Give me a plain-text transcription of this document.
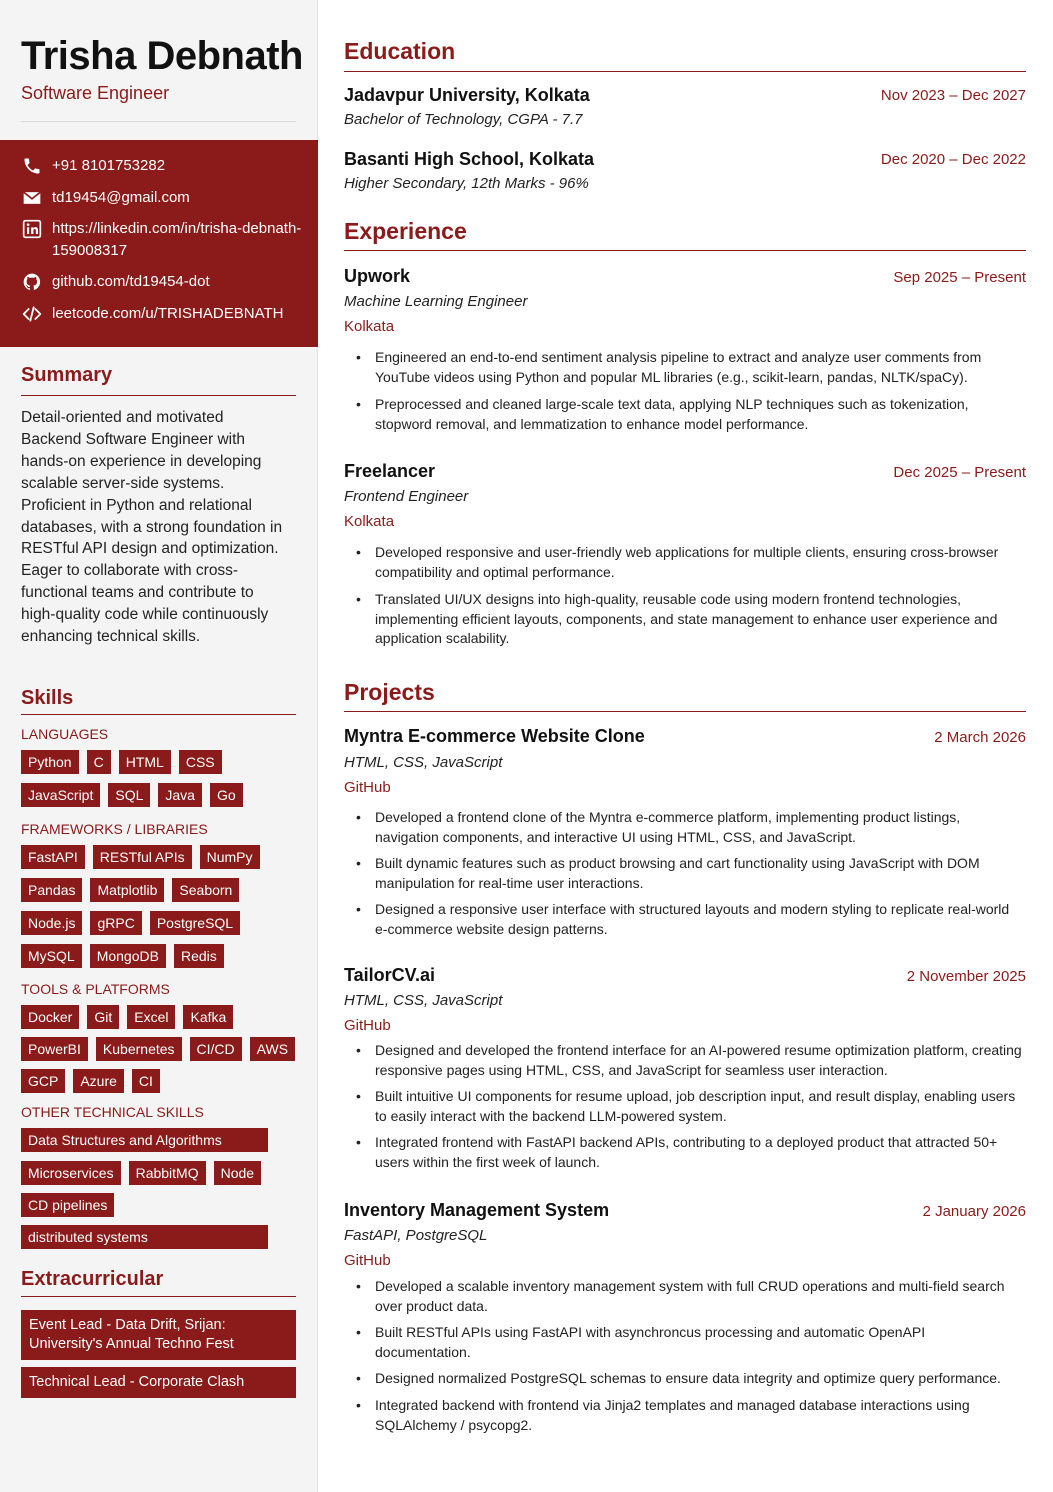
Trisha Debnath
Software Engineer
+91 8101753282
td19454@gmail.com
https://linkedin.com/in/trisha-debnath-159008317
github.com/td19454-dot
leetcode.com/u/TRISHADEBNATH
Summary
Detail-oriented and motivated Backend Software Engineer with hands-on experience in developing scalable server-side systems. Proficient in Python and relational databases, with a strong foundation in RESTful API design and optimization. Eager to collaborate with cross-functional teams and contribute to high-quality code while continuously enhancing technical skills.
Skills
LANGUAGES
Python	C	HTML	CSS
JavaScript	SQL	Java	Go
FRAMEWORKS / LIBRARIES
FastAPI	RESTful APIs	NumPy
Pandas	Matplotlib	Seaborn
Node.js	gRPC	PostgreSQL
MySQL	MongoDB	Redis
TOOLS & PLATFORMS
Docker	Git	Excel	Kafka
PowerBI	Kubernetes	CI/CD	AWS
GCP	Azure	CI
OTHER TECHNICAL SKILLS
Data Structures and Algorithms
Microservices	RabbitMQ	Node
CD pipelines
distributed systems
Extracurricular
Event Lead - Data Drift, Srijan: University's Annual Techno Fest
Technical Lead - Corporate Clash
Education
Jadavpur University, Kolkata	Nov 2023 – Dec 2027
Bachelor of Technology, CGPA - 7.7
Basanti High School, Kolkata	Dec 2020 – Dec 2022
Higher Secondary, 12th Marks - 96%
Experience
Upwork	Sep 2025 – Present
Machine Learning Engineer
Kolkata
• Engineered an end-to-end sentiment analysis pipeline to extract and analyze user comments from YouTube videos using Python and popular ML libraries (e.g., scikit-learn, pandas, NLTK/spaCy).
• Preprocessed and cleaned large-scale text data, applying NLP techniques such as tokenization, stopword removal, and lemmatization to enhance model performance.
Freelancer	Dec 2025 – Present
Frontend Engineer
Kolkata
• Developed responsive and user-friendly web applications for multiple clients, ensuring cross-browser compatibility and optimal performance.
• Translated UI/UX designs into high-quality, reusable code using modern frontend technologies, implementing efficient layouts, components, and state management to enhance user experience and application scalability.
Projects
Myntra E-commerce Website Clone	2 March 2026
HTML, CSS, JavaScript
GitHub
• Developed a frontend clone of the Myntra e-commerce platform, implementing product listings, navigation components, and interactive UI using HTML, CSS, and JavaScript.
• Built dynamic features such as product browsing and cart functionality using JavaScript with DOM manipulation for real-time user interactions.
• Designed a responsive user interface with structured layouts and modern styling to replicate real-world e-commerce website design patterns.
TailorCV.ai	2 November 2025
HTML, CSS, JavaScript
GitHub
• Designed and developed the frontend interface for an AI-powered resume optimization platform, creating responsive pages using HTML, CSS, and JavaScript for seamless user interaction.
• Built intuitive UI components for resume upload, job description input, and result display, enabling users to easily interact with the backend LLM-powered system.
• Integrated frontend with FastAPI backend APIs, contributing to a deployed product that attracted 50+ users within the first week of launch.
Inventory Management System	2 January 2026
FastAPI, PostgreSQL
GitHub
• Developed a scalable inventory management system with full CRUD operations and multi-field search over product data.
• Built RESTful APIs using FastAPI with asynchroncus processing and automatic OpenAPI documentation.
• Designed normalized PostgreSQL schemas to ensure data integrity and optimize query performance.
• Integrated backend with frontend via Jinja2 templates and managed database interactions using SQLAlchemy / psycopg2.
